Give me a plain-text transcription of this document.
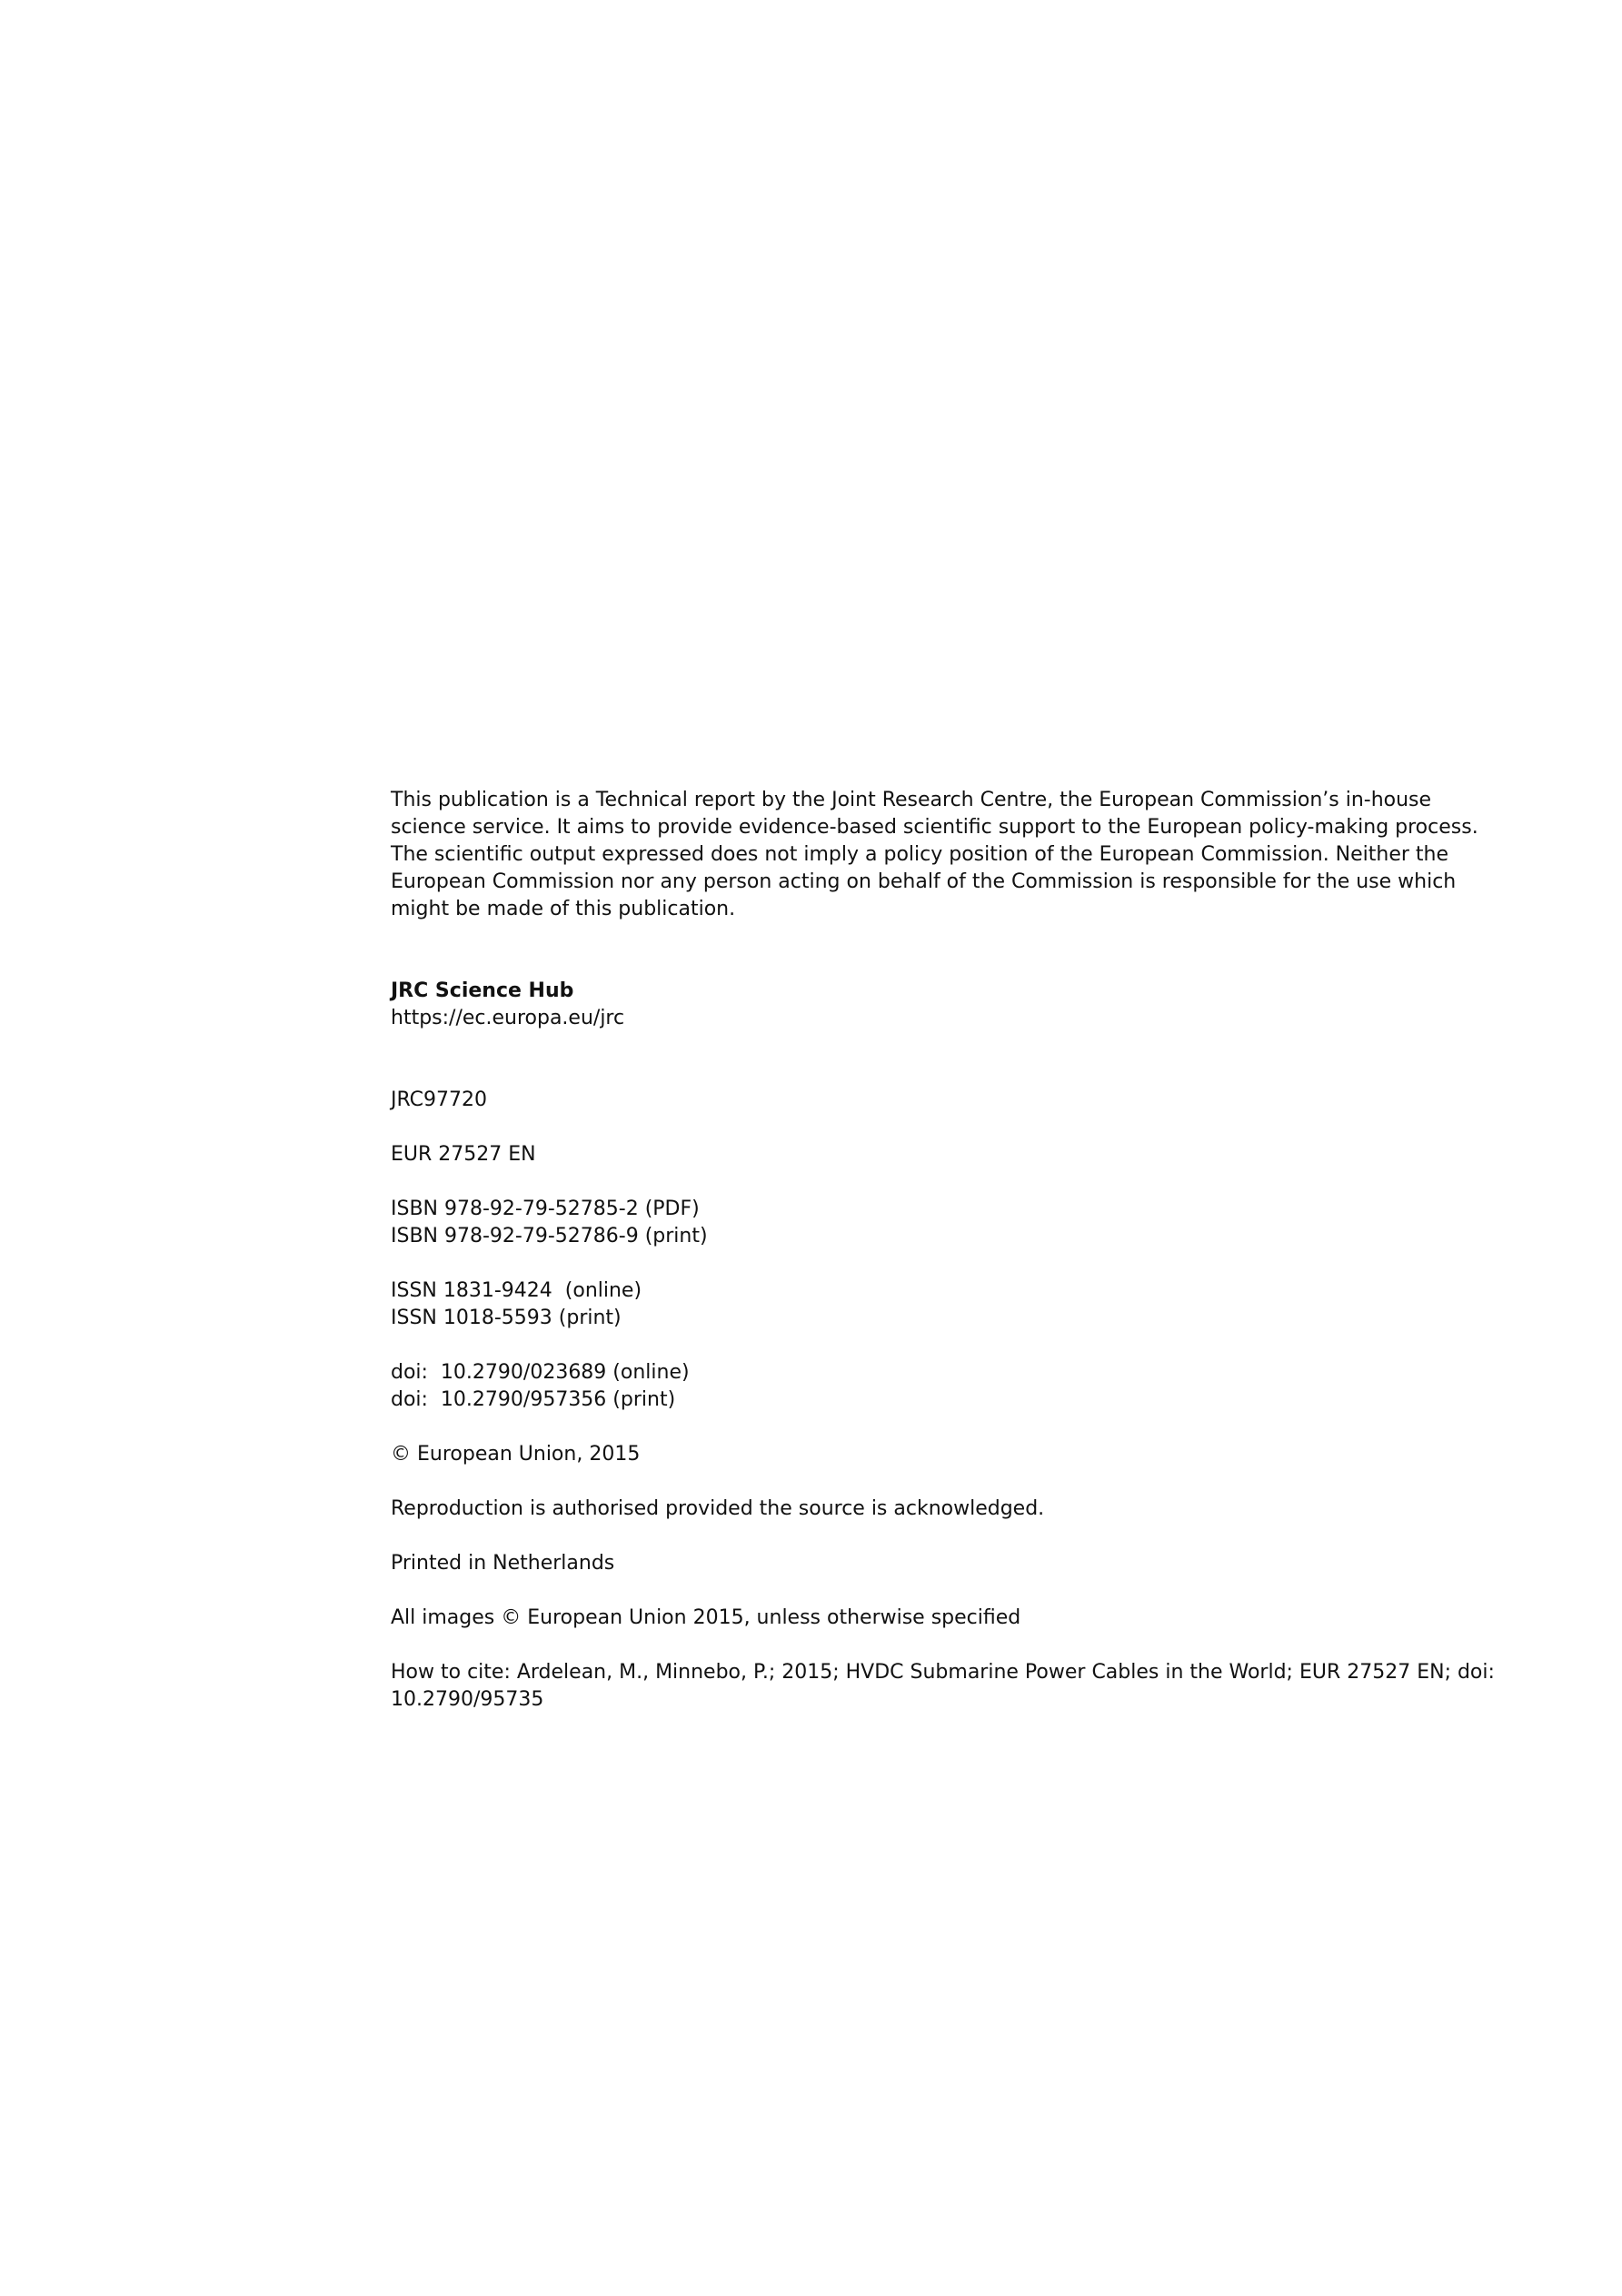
This publication is a Technical report by the Joint Research Centre, the European Commission’s in-house science service. It aims to provide evidence-based scientific support to the European policy-making process. The scientific output expressed does not imply a policy position of the European Commission. Neither the European Commission nor any person acting on behalf of the Commission is responsible for the use which might be made of this publication.

JRC Science Hub
https://ec.europa.eu/jrc
JRC97720
EUR 27527 EN
ISBN 978-92-79-52785-2 (PDF)
ISBN 978-92-79-52786-9 (print)
ISSN 1831-9424  (online)
ISSN 1018-5593 (print)
doi:  10.2790/023689 (online)
doi:  10.2790/957356 (print)
© European Union, 2015
Reproduction is authorised provided the source is acknowledged.
Printed in Netherlands
All images © European Union 2015, unless otherwise specified

How to cite: Ardelean, M., Minnebo, P.; 2015; HVDC Submarine Power Cables in the World; EUR 27527 EN; doi: 10.2790/95735
